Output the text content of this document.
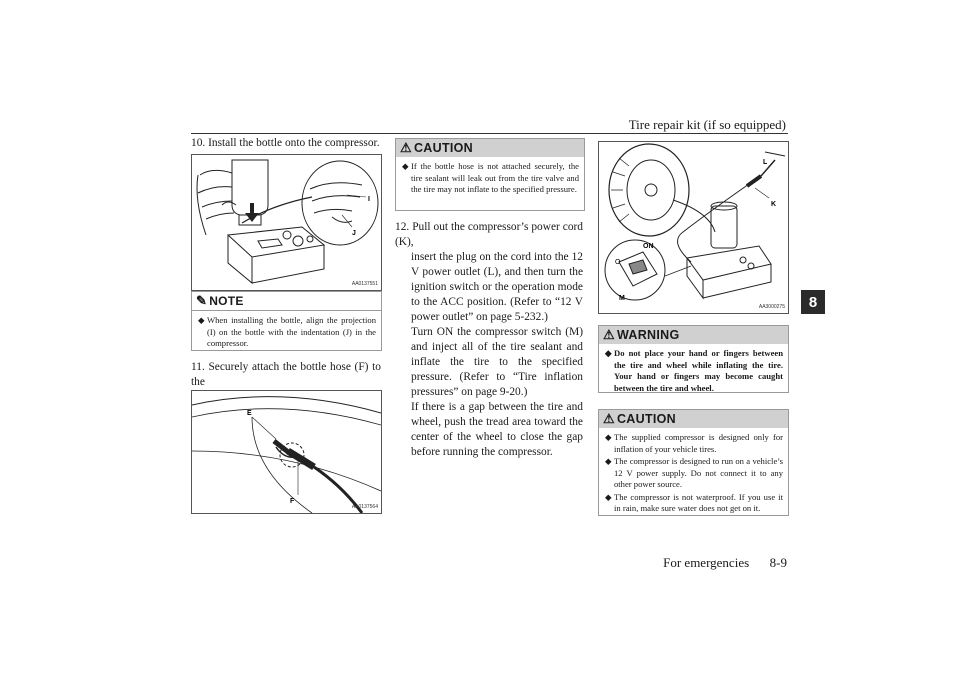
Tire repair kit (if so equipped)
8
10. Install the bottle onto the compressor.
I
J
AA0137551
✎ NOTE
◆ When installing the bottle, align the projection (I) on the bottle with the indentation (J) in the compressor.
11. Securely attach the bottle hose (F) to the
E
F
AA0137564
⚠ CAUTION
◆ If the bottle hose is not attached securely, the tire sealant will leak out from the tire valve and the tire may not inflate to the specified pressure.
12. Pull out the compressor’s power cord (K),
insert the plug on the cord into the 12 V power outlet (L), and then turn the ignition switch or the operation mode to the ACC position. (Refer to “12 V power outlet” on page 5-232.)
Turn ON the compressor switch (M) and inject all of the tire sealant and inflate the tire to the specified pressure. (Refer to “Tire inflation pressures” on page 9-20.)
If there is a gap between the tire and wheel, push the tread area toward the center of the wheel to close the gap before running the compressor.
L
K
ON
O
M
AA3000275
⚠ WARNING
◆ Do not place your hand or fingers between the tire and wheel while inflating the tire. Your hand or fingers may become caught between the tire and wheel.
⚠ CAUTION
◆ The supplied compressor is designed only for inflation of your vehicle tires.
◆ The compressor is designed to run on a vehicle’s 12 V power supply. Do not connect it to any other power source.
◆ The compressor is not waterproof. If you use it in rain, make sure water does not get on it.
For emergencies 8-9
